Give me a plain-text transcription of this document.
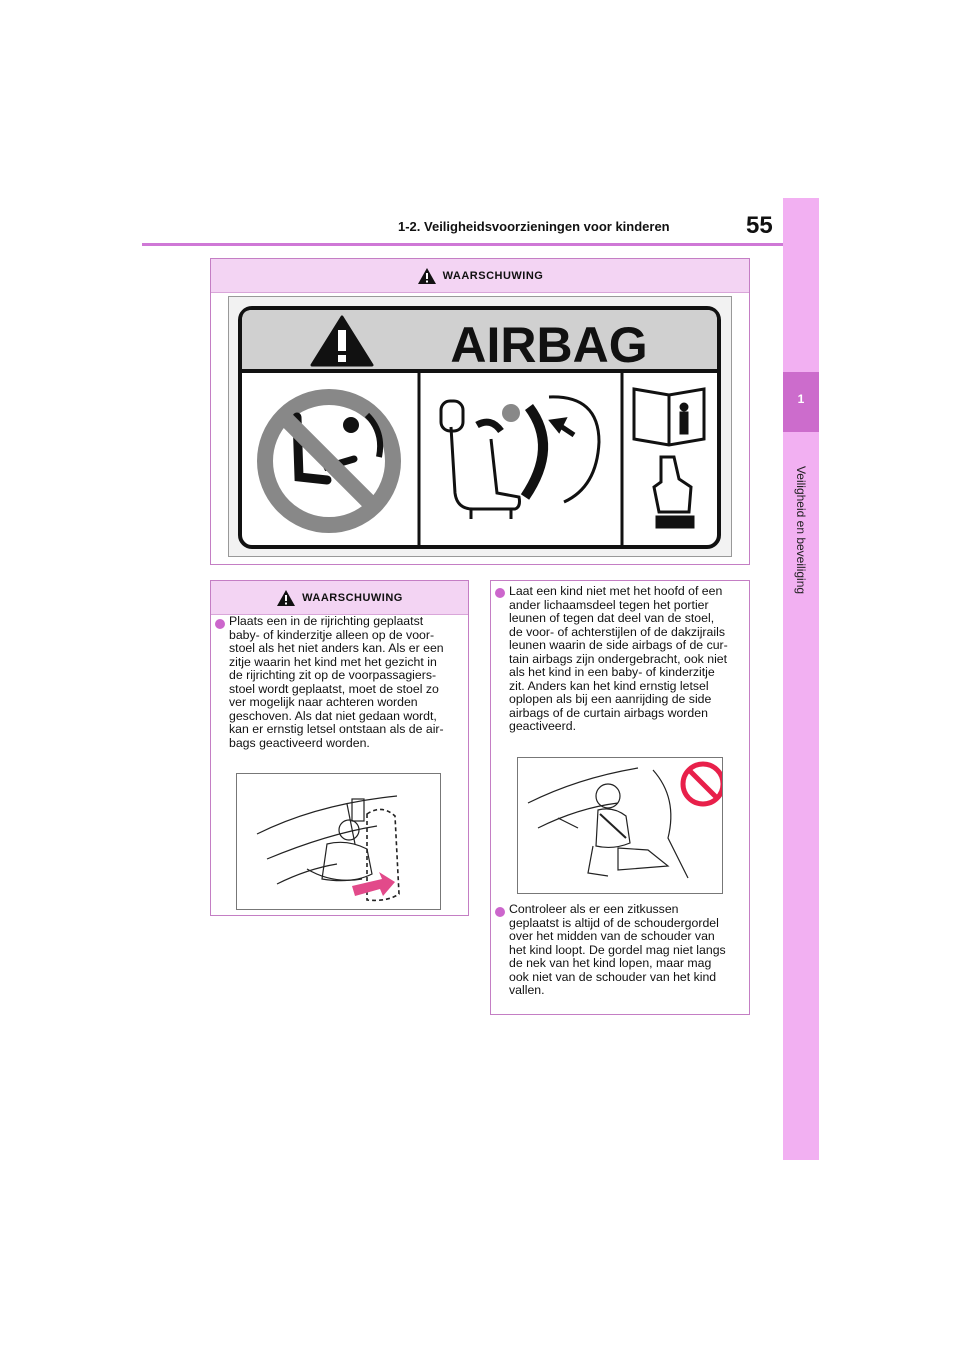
1-2. Veiligheidsvoorzieningen voor kinderen	55
1
Veiligheid en beveiliging
WAARSCHUWING
AIRBAG
WAARSCHUWING
Plaats een in de rijrichting geplaatst
baby- of kinderzitje alleen op de voor-
stoel als het niet anders kan. Als er een
zitje waarin het kind met het gezicht in
de rijrichting zit op de voorpassagiers-
stoel wordt geplaatst, moet de stoel zo
ver mogelijk naar achteren worden
geschoven. Als dat niet gedaan wordt,
kan er ernstig letsel ontstaan als de air-
bags geactiveerd worden.
Laat een kind niet met het hoofd of een
ander lichaamsdeel tegen het portier
leunen of tegen dat deel van de stoel,
de voor- of achterstijlen of de dakzijrails
leunen waarin de side airbags of de cur-
tain airbags zijn ondergebracht, ook niet
als het kind in een baby- of kinderzitje
zit. Anders kan het kind ernstig letsel
oplopen als bij een aanrijding de side
airbags of de curtain airbags worden
geactiveerd.
Controleer als er een zitkussen
geplaatst is altijd of de schoudergordel
over het midden van de schouder van
het kind loopt. De gordel mag niet langs
de nek van het kind lopen, maar mag
ook niet van de schouder van het kind
vallen.
